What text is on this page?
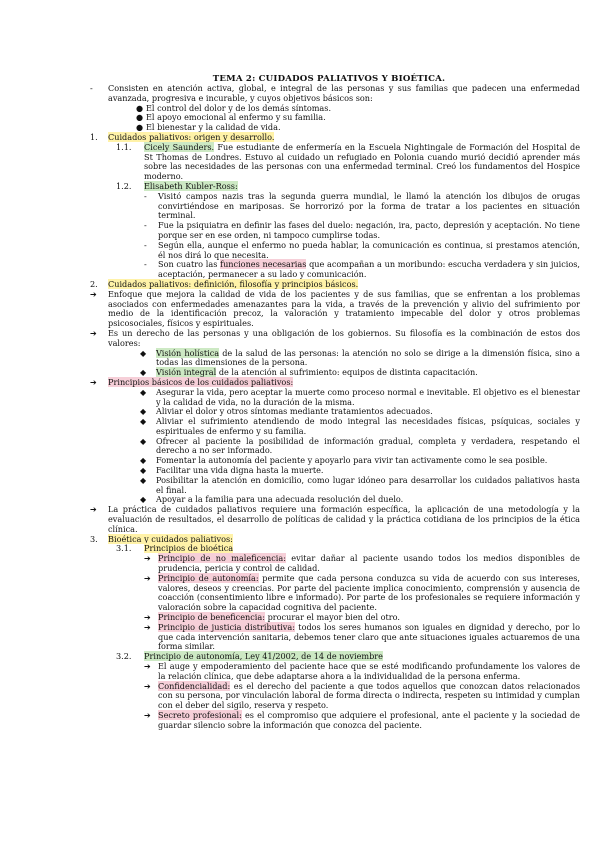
TEMA 2: CUIDADOS PALIATIVOS Y BIOÉTICA.
-	Consisten en atención activa, global, e integral de las personas y sus familias que padecen una enfermedad avanzada, progresiva e incurable, y cuyos objetivos básicos son:
● El control del dolor y de los demás síntomas.
● El apoyo emocional al enfermo y su familia.
● El bienestar y la calidad de vida.
1.	Cuidados paliativos: origen y desarrollo.
1.1.	Cicely Saunders. Fue estudiante de enfermería en la Escuela Nightingale de Formación del Hospital de St Thomas de Londres. Estuvo al cuidado un refugiado en Polonia cuando murió decidió aprender más sobre las necesidades de las personas con una enfermedad terminal. Creó los fundamentos del Hospice moderno.
1.2.	Elisabeth Kubler-Ross:
-	Visitó campos nazis tras la segunda guerra mundial, le llamó la atención los dibujos de orugas convirtiéndose en mariposas. Se horrorizó por la forma de tratar a los pacientes en situación terminal.
-	Fue la psiquiatra en definir las fases del duelo: negación, ira, pacto, depresión y aceptación. No tiene porque ser en ese orden, ni tampoco cumplirse todas.
-	Según ella, aunque el enfermo no pueda hablar, la comunicación es continua, si prestamos atención, él nos dirá lo que necesita.
-	Son cuatro las funciones necesarias que acompañan a un moribundo: escucha verdadera y sin juicios, aceptación, permanecer a su lado y comunicación.
2.	Cuidados paliativos: definición, filosofía y principios básicos.
➔	Enfoque que mejora la calidad de vida de los pacientes y de sus familias, que se enfrentan a los problemas asociados con enfermedades amenazantes para la vida, a través de la prevención y alivio del sufrimiento por medio de la identificación precoz, la valoración y tratamiento impecable del dolor y otros problemas psicosociales, físicos y espirituales.
➔	Es un derecho de las personas y una obligación de los gobiernos. Su filosofía es la combinación de estos dos valores:
◆	Visión holística de la salud de las personas: la atención no solo se dirige a la dimensión física, sino a todas las dimensiones de la persona.
◆	Visión integral de la atención al sufrimiento: equipos de distinta capacitación.
➔	Principios básicos de los cuidados paliativos:
◆	Asegurar la vida, pero aceptar la muerte como proceso normal e inevitable. El objetivo es el bienestar y la calidad de vida, no la duración de la misma.
◆	Aliviar el dolor y otros síntomas mediante tratamientos adecuados.
◆	Aliviar el sufrimiento atendiendo de modo integral las necesidades físicas, psíquicas, sociales y espirituales de enfermo y su familia.
◆	Ofrecer al paciente la posibilidad de información gradual, completa y verdadera, respetando el derecho a no ser informado.
◆	Fomentar la autonomía del paciente y apoyarlo para vivir tan activamente como le sea posible.
◆	Facilitar una vida digna hasta la muerte.
◆	Posibilitar la atención en domicilio, como lugar idóneo para desarrollar los cuidados paliativos hasta el final.
◆	Apoyar a la familia para una adecuada resolución del duelo.
➔	La práctica de cuidados paliativos requiere una formación específica, la aplicación de una metodología y la evaluación de resultados, el desarrollo de políticas de calidad y la práctica cotidiana de los principios de la ética clínica.
3.	Bioética y cuidados paliativos:
3.1.	Principios de bioética
➔ Principio de no maleficencia: evitar dañar al paciente usando todos los medios disponibles de prudencia, pericia y control de calidad.
➔ Principio de autonomía: permite que cada persona conduzca su vida de acuerdo con sus intereses, valores, deseos y creencias. Por parte del paciente implica conocimiento, comprensión y ausencia de coacción (consentimiento libre e informado). Por parte de los profesionales se requiere información y valoración sobre la capacidad cognitiva del paciente.
➔ Principio de beneficencia: procurar el mayor bien del otro.
➔ Principio de justicia distributiva: todos los seres humanos son iguales en dignidad y derecho, por lo que cada intervención sanitaria, debemos tener claro que ante situaciones iguales actuaremos de una forma similar.
3.2.	Principio de autonomía, Ley 41/2002, de 14 de noviembre
➔ El auge y empoderamiento del paciente hace que se esté modificando profundamente los valores de la relación clínica, que debe adaptarse ahora a la individualidad de la persona enferma.
➔ Confidencialidad: es el derecho del paciente a que todos aquellos que conozcan datos relacionados con su persona, por vinculación laboral de forma directa o indirecta, respeten su intimidad y cumplan con el deber del sigilo, reserva y respeto.
➔ Secreto profesional: es el compromiso que adquiere el profesional, ante el paciente y la sociedad de guardar silencio sobre la información que conozca del paciente.
